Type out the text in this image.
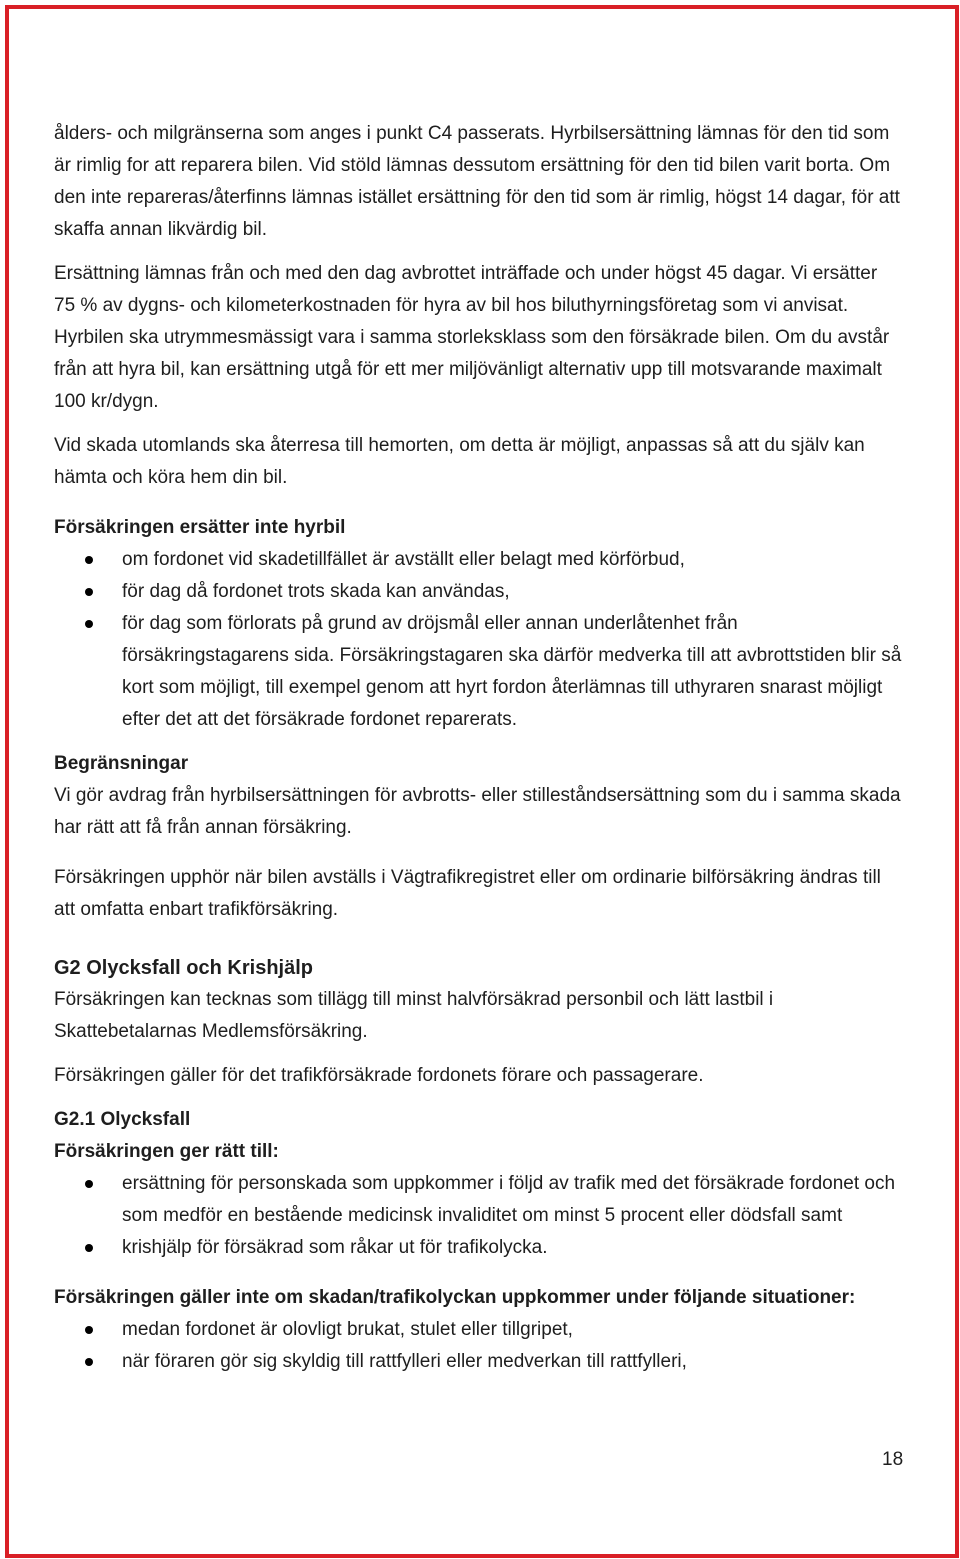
ålders- och milgränserna som anges i punkt C4 passerats. Hyrbilsersättning lämnas för den tid som är rimlig for att reparera bilen. Vid stöld lämnas dessutom ersättning för den tid bilen varit borta. Om den inte repareras/återfinns lämnas istället ersättning för den tid som är rimlig, högst 14 dagar, för att skaffa annan likvärdig bil.

Ersättning lämnas från och med den dag avbrottet inträffade och under högst 45 dagar. Vi ersätter 75 % av dygns- och kilometerkostnaden för hyra av bil hos biluthyrningsföretag som vi anvisat. Hyrbilen ska utrymmesmässigt vara i samma storleksklass som den försäkrade bilen. Om du avstår från att hyra bil, kan ersättning utgå för ett mer miljövänligt alternativ upp till motsvarande maximalt 100 kr/dygn.

Vid skada utomlands ska återresa till hemorten, om detta är möjligt, anpassas så att du själv kan hämta och köra hem din bil.

Försäkringen ersätter inte hyrbil

om fordonet vid skadetillfället är avställt eller belagt med körförbud,
för dag då fordonet trots skada kan användas,
för dag som förlorats på grund av dröjsmål eller annan underlåtenhet från försäkringstagarens sida. Försäkringstagaren ska därför medverka till att avbrottstiden blir så kort som möjligt, till exempel genom att hyrt fordon återlämnas till uthyraren snarast möjligt efter det att det försäkrade fordonet reparerats.

Begränsningar

Vi gör avdrag från hyrbilsersättningen för avbrotts- eller stilleståndsersättning som du i samma skada har rätt att få från annan försäkring.

Försäkringen upphör när bilen avställs i Vägtrafikregistret eller om ordinarie bilförsäkring ändras till att omfatta enbart trafikförsäkring.

G2 Olycksfall och Krishjälp

Försäkringen kan tecknas som tillägg till minst halvförsäkrad personbil och lätt lastbil i Skattebetalarnas Medlemsförsäkring.

Försäkringen gäller för det trafikförsäkrade fordonets förare och passagerare.

G2.1 Olycksfall

Försäkringen ger rätt till:

ersättning för personskada som uppkommer i följd av trafik med det försäkrade fordonet och som medför en bestående medicinsk invaliditet om minst 5 procent eller dödsfall samt
krishjälp för försäkrad som råkar ut för trafikolycka.

Försäkringen gäller inte om skadan/trafikolyckan uppkommer under följande situationer:

medan fordonet är olovligt brukat, stulet eller tillgripet,
när föraren gör sig skyldig till rattfylleri eller medverkan till rattfylleri,
18
